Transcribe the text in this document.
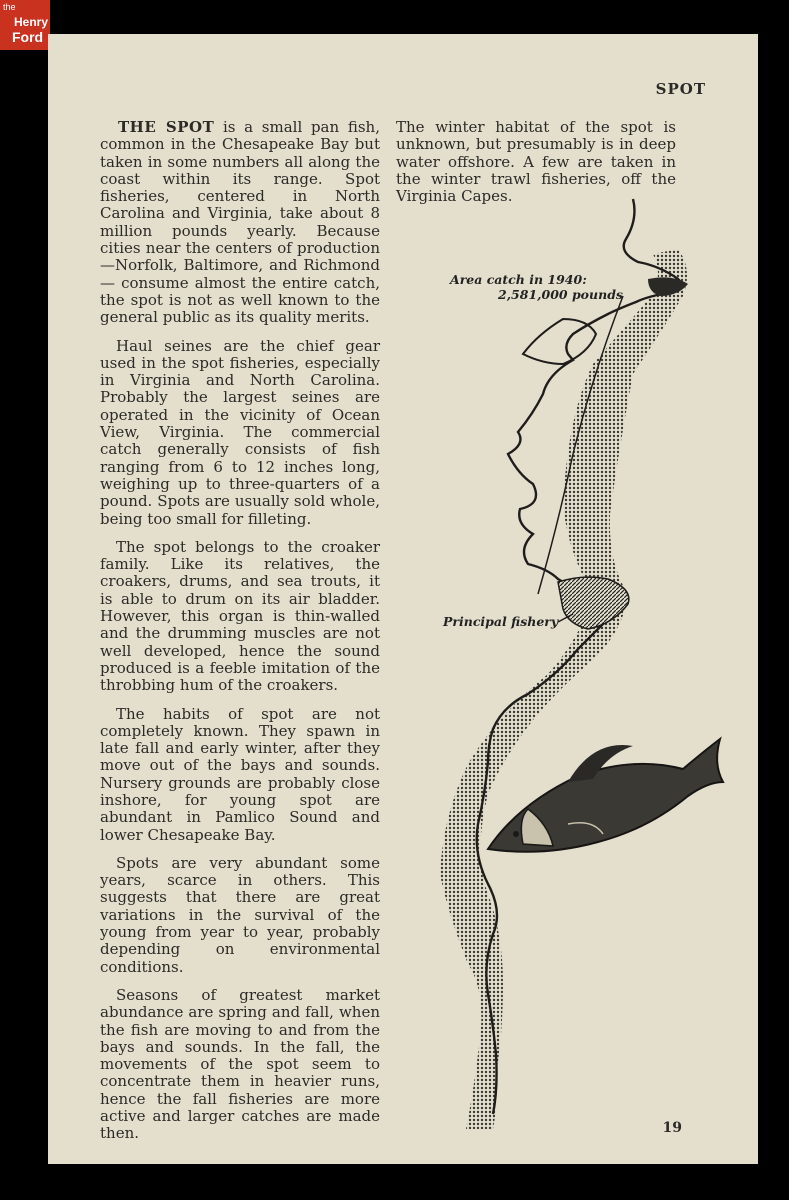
the
Henry
Ford
SPOT

THE SPOT is a small pan fish, common in the Chesapeake Bay but taken in some numbers all along the coast within its range. Spot fisheries, centered in North Carolina and Virginia, take about 8 million pounds yearly. Because cities near the centers of production—Norfolk, Baltimore, and Richmond — consume almost the entire catch, the spot is not as well known to the general public as its quality merits.

Haul seines are the chief gear used in the spot fisheries, especially in Virginia and North Carolina. Probably the largest seines are operated in the vicinity of Ocean View, Virginia. The commercial catch generally consists of fish ranging from 6 to 12 inches long, weighing up to three-quarters of a pound. Spots are usually sold whole, being too small for filleting.

The spot belongs to the croaker family. Like its relatives, the croakers, drums, and sea trouts, it is able to drum on its air bladder. However, this organ is thin-walled and the drumming muscles are not well developed, hence the sound produced is a feeble imitation of the throbbing hum of the croakers.

The habits of spot are not completely known. They spawn in late fall and early winter, after they move out of the bays and sounds. Nursery grounds are probably close inshore, for young spot are abundant in Pamlico Sound and lower Chesapeake Bay.

Spots are very abundant some years, scarce in others. This suggests that there are great variations in the survival of the young from year to year, probably depending on environmental conditions.

Seasons of greatest market abundance are spring and fall, when the fish are moving to and from the bays and sounds. In the fall, the movements of the spot seem to concentrate them in heavier runs, hence the fall fisheries are more active and larger catches are made then.

The winter habitat of the spot is unknown, but presumably is in deep water offshore. A few are taken in the winter trawl fisheries, off the Virginia Capes.

Area catch in 1940:
2,581,000 pounds
Principal fishery
19
